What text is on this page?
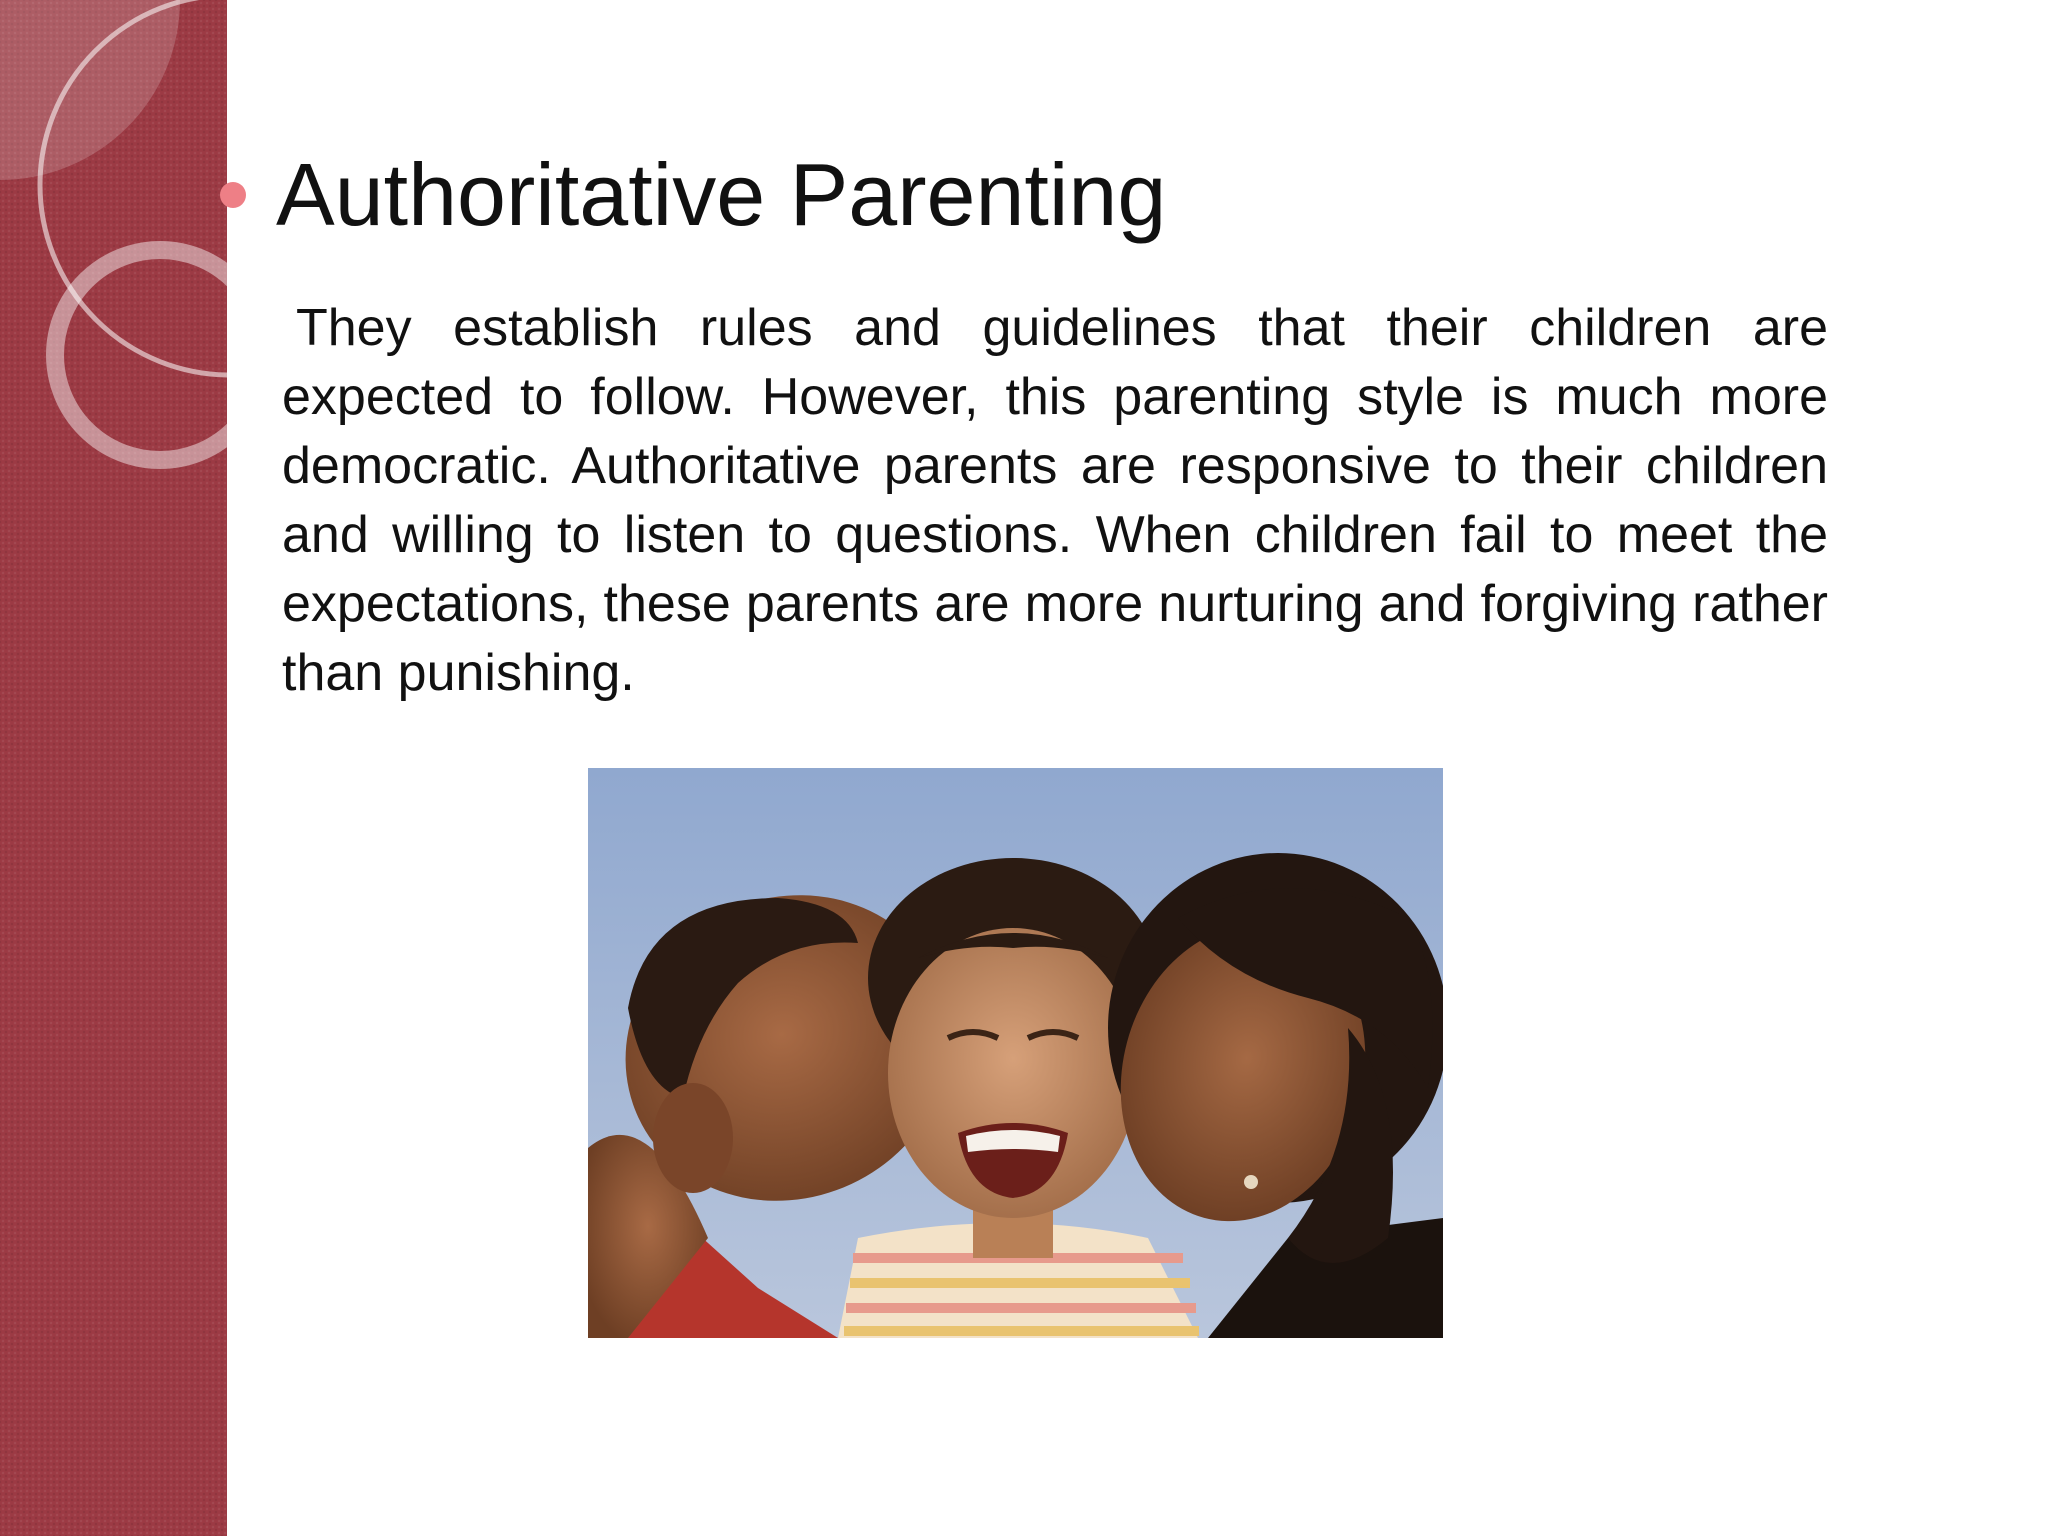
Authoritative Parenting

They establish rules and guidelines that their children are expected to follow. However, this parenting style is much more democratic. Authoritative parents are responsive to their children and willing to listen to questions. When children fail to meet the expectations, these parents are more nurturing and forgiving rather than punishing.
